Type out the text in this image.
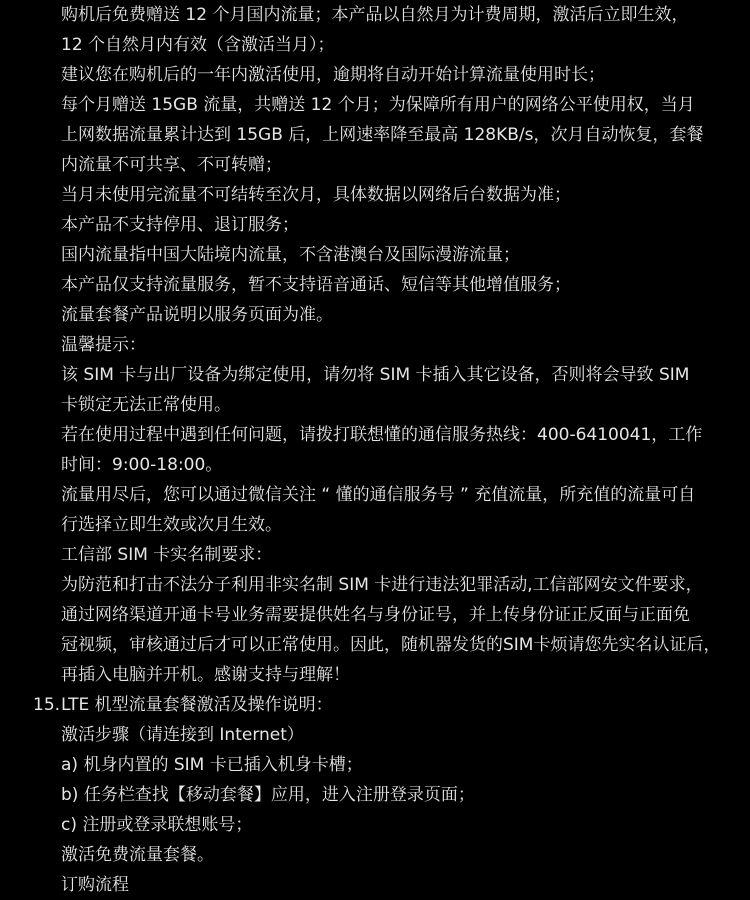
购机后免费赠送 12 个月国内流量；本产品以自然月为计费周期，激活后立即生效，
12 个自然月内有效（含激活当月）；
建议您在购机后的一年内激活使用，逾期将自动开始计算流量使用时长；
每个月赠送 15GB 流量，共赠送 12 个月；为保障所有用户的网络公平使用权，当月
上网数据流量累计达到 15GB 后，上网速率降至最高 128KB/s，次月自动恢复，套餐
内流量不可共享、不可转赠；
当月未使用完流量不可结转至次月，具体数据以网络后台数据为准；
本产品不支持停用、退订服务；
国内流量指中国大陆境内流量，不含港澳台及国际漫游流量；
本产品仅支持流量服务，暂不支持语音通话、短信等其他增值服务；
流量套餐产品说明以服务页面为准。
温馨提示：
该 SIM 卡与出厂设备为绑定使用，请勿将 SIM 卡插入其它设备，否则将会导致 SIM
卡锁定无法正常使用。
若在使用过程中遇到任何问题，请拨打联想懂的通信服务热线：400-6410041，工作
时间：9:00-18:00。
流量用尽后，您可以通过微信关注 “ 懂的通信服务号 ” 充值流量，所充值的流量可自
行选择立即生效或次月生效。
工信部 SIM 卡实名制要求：
为防范和打击不法分子利用非实名制 SIM 卡进行违法犯罪活动,工信部网安文件要求，
通过网络渠道开通卡号业务需要提供姓名与身份证号，并上传身份证正反面与正面免
冠视频，审核通过后才可以正常使用。因此，随机器发货的SIM卡烦请您先实名认证后，
再插入电脑并开机。感谢支持与理解！
15. LTE 机型流量套餐激活及操作说明：
激活步骤（请连接到 Internet）
a) 机身内置的 SIM 卡已插入机身卡槽；
b) 任务栏查找【移动套餐】应用，进入注册登录页面；
c) 注册或登录联想账号；
激活免费流量套餐。
订购流程
